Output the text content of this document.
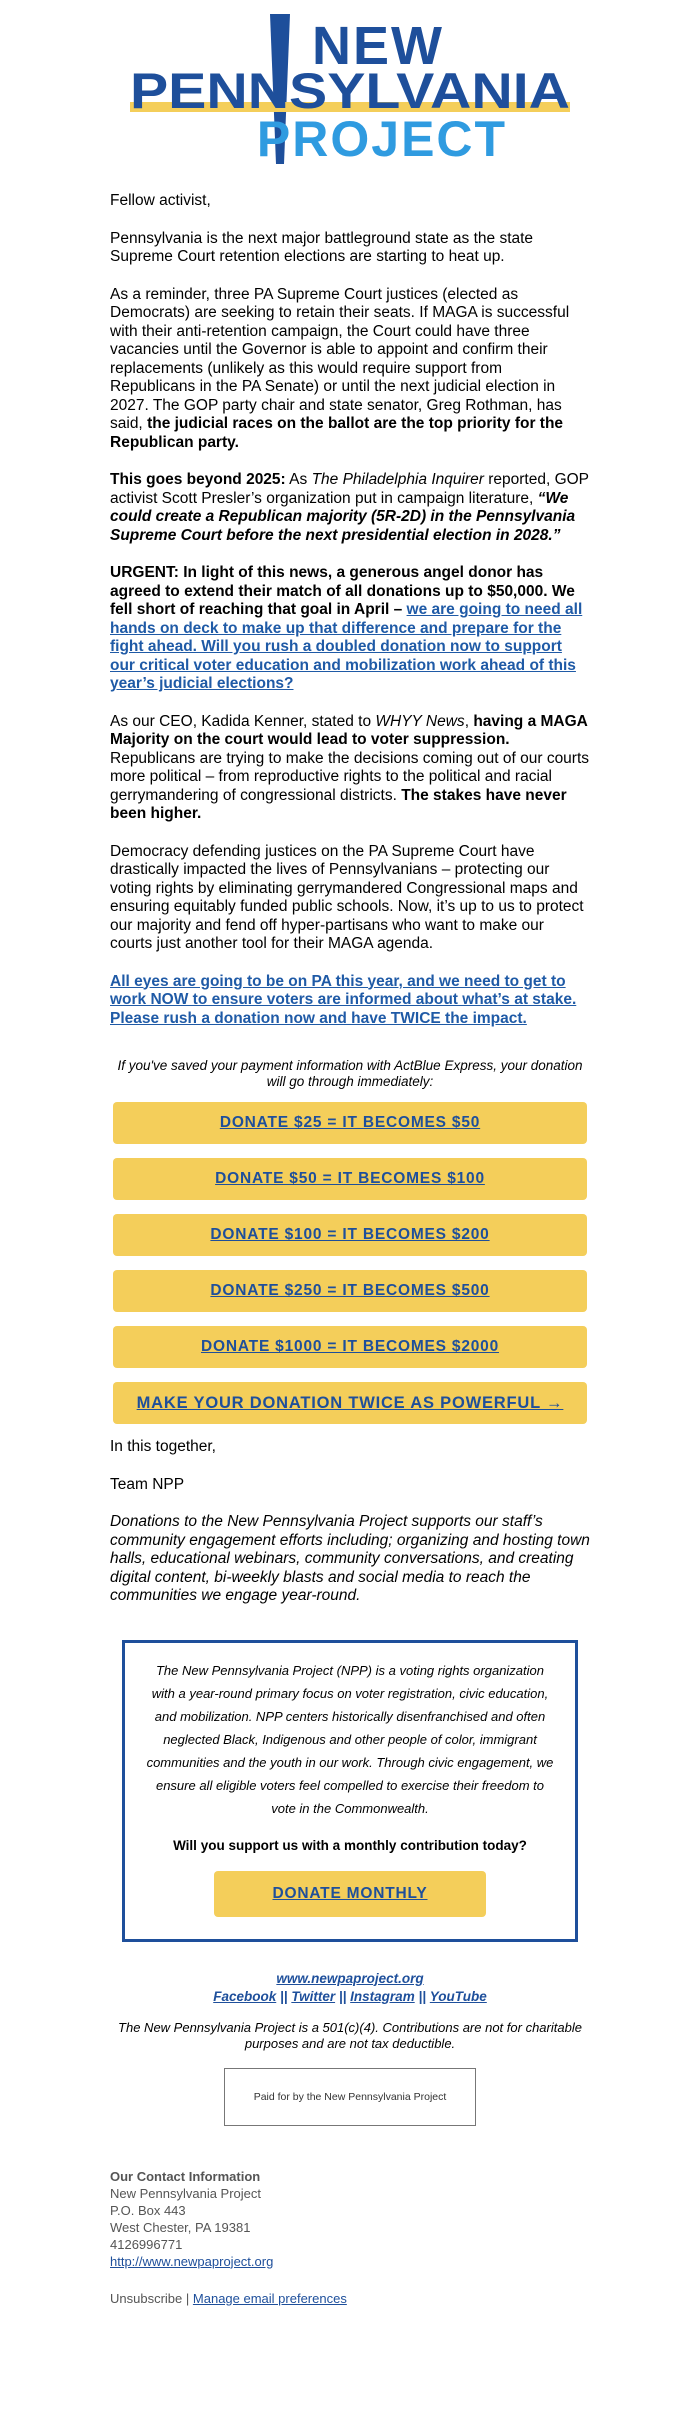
NEW
PENNSYLVANIA
PROJECT

Fellow activist,

Pennsylvania is the next major battleground state as the state Supreme Court retention elections are starting to heat up.

As a reminder, three PA Supreme Court justices (elected as Democrats) are seeking to retain their seats. If MAGA is successful with their anti-retention campaign, the Court could have three vacancies until the Governor is able to appoint and confirm their replacements (unlikely as this would require support from Republicans in the PA Senate) or until the next judicial election in 2027. The GOP party chair and state senator, Greg Rothman, has said, the judicial races on the ballot are the top priority for the Republican party.

This goes beyond 2025: As The Philadelphia Inquirer reported, GOP activist Scott Presler’s organization put in campaign literature, “We could create a Republican majority (5R-2D) in the Pennsylvania Supreme Court before the next presidential election in 2028.”

URGENT: In light of this news, a generous angel donor has agreed to extend their match of all donations up to $50,000. We fell short of reaching that goal in April – we are going to need all hands on deck to make up that difference and prepare for the fight ahead. Will you rush a doubled donation now to support our critical voter education and mobilization work ahead of this year’s judicial elections?

As our CEO, Kadida Kenner, stated to WHYY News, having a MAGA Majority on the court would lead to voter suppression. Republicans are trying to make the decisions coming out of our courts more political – from reproductive rights to the political and racial gerrymandering of congressional districts. The stakes have never been higher.

Democracy defending justices on the PA Supreme Court have drastically impacted the lives of Pennsylvanians – protecting our voting rights by eliminating gerrymandered Congressional maps and ensuring equitably funded public schools. Now, it’s up to us to protect our majority and fend off hyper-partisans who want to make our courts just another tool for their MAGA agenda.

All eyes are going to be on PA this year, and we need to get to work NOW to ensure voters are informed about what’s at stake. Please rush a donation now and have TWICE the impact.

If you've saved your payment information with ActBlue Express, your donation will go through immediately:
DONATE $25 = IT BECOMES $50
DONATE $50 = IT BECOMES $100
DONATE $100 = IT BECOMES $200
DONATE $250 = IT BECOMES $500
DONATE $1000 = IT BECOMES $2000
MAKE YOUR DONATION TWICE AS POWERFUL →

In this together,

Team NPP

Donations to the New Pennsylvania Project supports our staff’s community engagement efforts including; organizing and hosting town halls, educational webinars, community conversations, and creating digital content, bi-weekly blasts and social media to reach the communities we engage year-round.

The New Pennsylvania Project (NPP) is a voting rights organization with a year-round primary focus on voter registration, civic education, and mobilization. NPP centers historically disenfranchised and often neglected Black, Indigenous and other people of color, immigrant communities and the youth in our work. Through civic engagement, we ensure all eligible voters feel compelled to exercise their freedom to vote in the Commonwealth.
Will you support us with a monthly contribution today?
DONATE MONTHLY
www.newpaproject.org
Facebook || Twitter || Instagram || YouTube
The New Pennsylvania Project is a 501(c)(4). Contributions are not for charitable purposes and are not tax deductible.
Paid for by the New Pennsylvania Project
Our Contact Information
New Pennsylvania Project
P.O. Box 443
West Chester, PA 19381
4126996771
http://www.newpaproject.org
Unsubscribe | Manage email preferences
